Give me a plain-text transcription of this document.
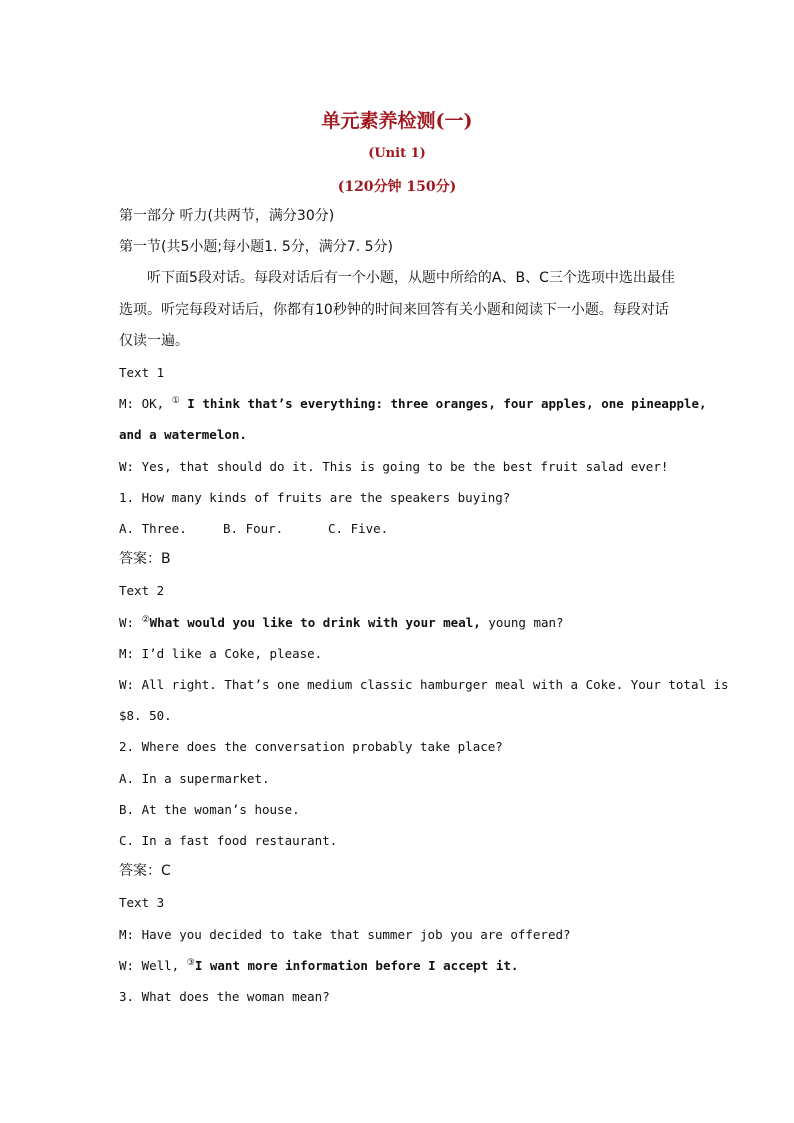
单元素养检测(一)
(Unit 1)
(120分钟 150分)

第一部分 听力(共两节，满分30分)

第一节(共5小题;每小题1. 5分，满分7. 5分)

听下面5段对话。每段对话后有一个小题，从题中所给的A、B、C三个选项中选出最佳选项。听完每段对话后，你都有10秒钟的时间来回答有关小题和阅读下一小题。每段对话仅读一遍。

Text 1

M: OK, ① I think that’s everything: three oranges, four apples, one pineapple,

and a watermelon.

W: Yes, that should do it. This is going to be the best fruit salad ever!

1. How many kinds of fruits are the speakers buying?

A. Three.	B. Four.	C. Five.

答案：B

Text 2

W: ②What would you like to drink with your meal, young man?

M: I’d like a Coke, please.

W: All right. That’s one medium classic hamburger meal with a Coke. Your total is

$8. 50.

2. Where does the conversation probably take place?

A. In a supermarket.

B. At the woman’s house.

C. In a fast food restaurant.

答案：C

Text 3

M: Have you decided to take that summer job you are offered?

W: Well, ③I want more information before I accept it.

3. What does the woman mean?
